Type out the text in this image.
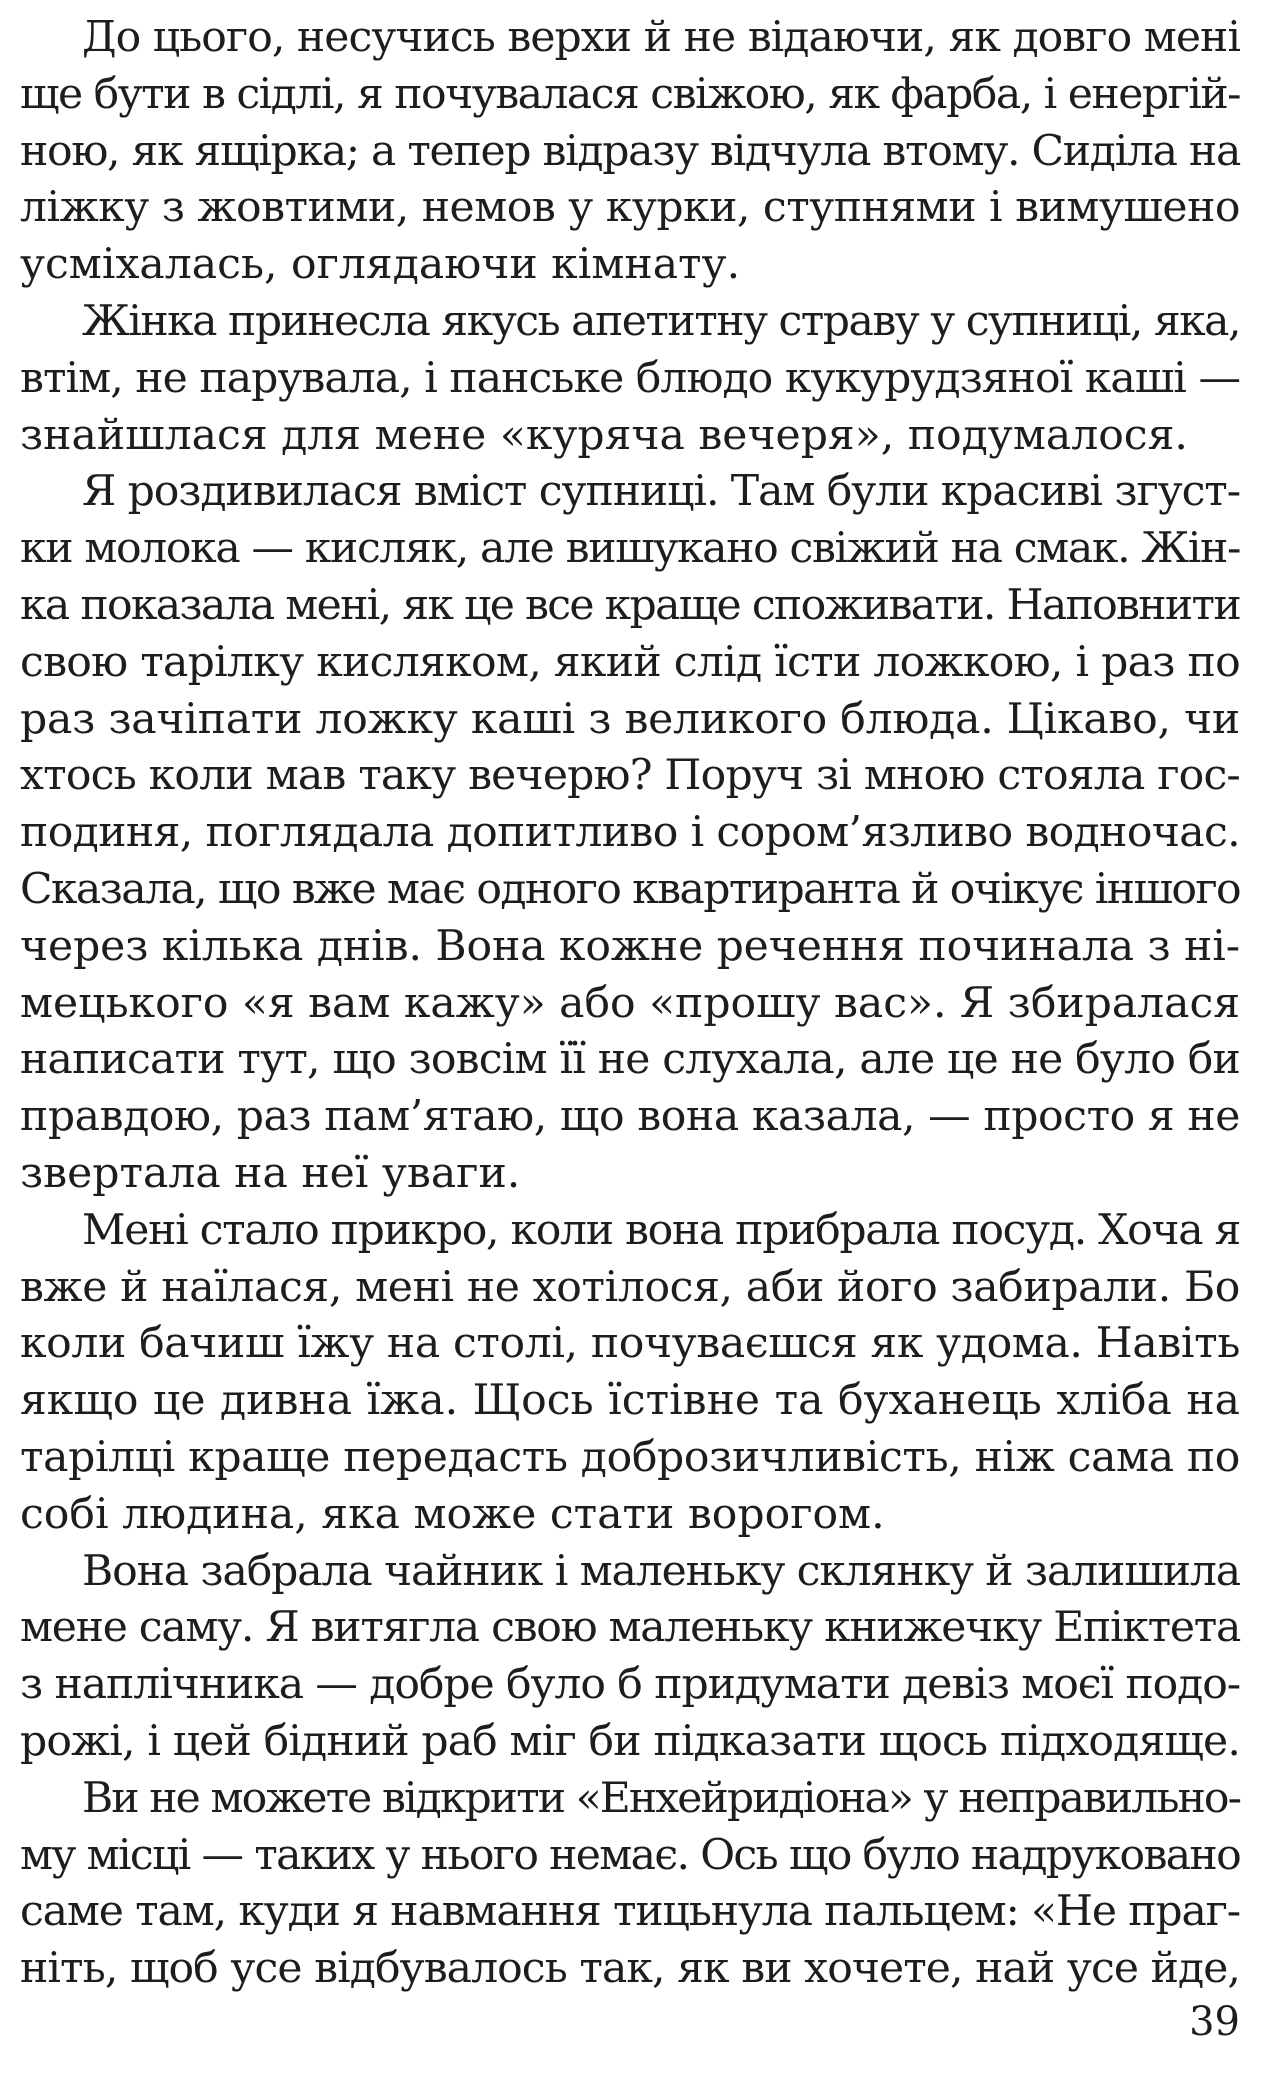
До цього, несучись верхи й не відаючи, як довго мені
ще бути в сідлі, я почувалася свіжою, як фарба, і енергій-
ною, як ящірка; а тепер відразу відчула втому. Сиділа на
ліжку з жовтими, немов у курки, ступнями і вимушено
усміхалась, оглядаючи кімнату.

Жінка принесла якусь апетитну страву у супниці, яка,
втім, не парувала, і панське блюдо кукурудзяної каші —
знайшлася для мене «куряча вечеря», подумалося.

Я роздивилася вміст супниці. Там були красиві згуст-
ки молока — кисляк, але вишукано свіжий на смак. Жін-
ка показала мені, як це все краще споживати. Наповнити
свою тарілку кисляком, який слід їсти ложкою, і раз по
раз зачіпати ложку каші з великого блюда. Цікаво, чи
хтось коли мав таку вечерю? Поруч зі мною стояла гос-
подиня, поглядала допитливо і сором’язливо водночас.
Сказала, що вже має одного квартиранта й очікує іншого
через кілька днів. Вона кожне речення починала з ні-
мецького «я вам кажу» або «прошу вас». Я збиралася
написати тут, що зовсім її не слухала, але це не було би
правдою, раз пам’ятаю, що вона казала, — просто я не
звертала на неї уваги.

Мені стало прикро, коли вона прибрала посуд. Хоча я
вже й наїлася, мені не хотілося, аби його забирали. Бо
коли бачиш їжу на столі, почуваєшся як удома. Навіть
якщо це дивна їжа. Щось їстівне та буханець хліба на
тарілці краще передасть доброзичливість, ніж сама по
собі людина, яка може стати ворогом.

Вона забрала чайник і маленьку склянку й залишила
мене саму. Я витягла свою маленьку книжечку Епіктета
з наплічника — добре було б придумати девіз моєї подо-
рожі, і цей бідний раб міг би підказати щось підходяще.

Ви не можете відкрити «Енхейридіона» у неправильно-
му місці — таких у нього немає. Ось що було надруковано
саме там, куди я навмання тицьнула пальцем: «Не праг-
ніть, щоб усе відбувалось так, як ви хочете, най усе йде,

39
